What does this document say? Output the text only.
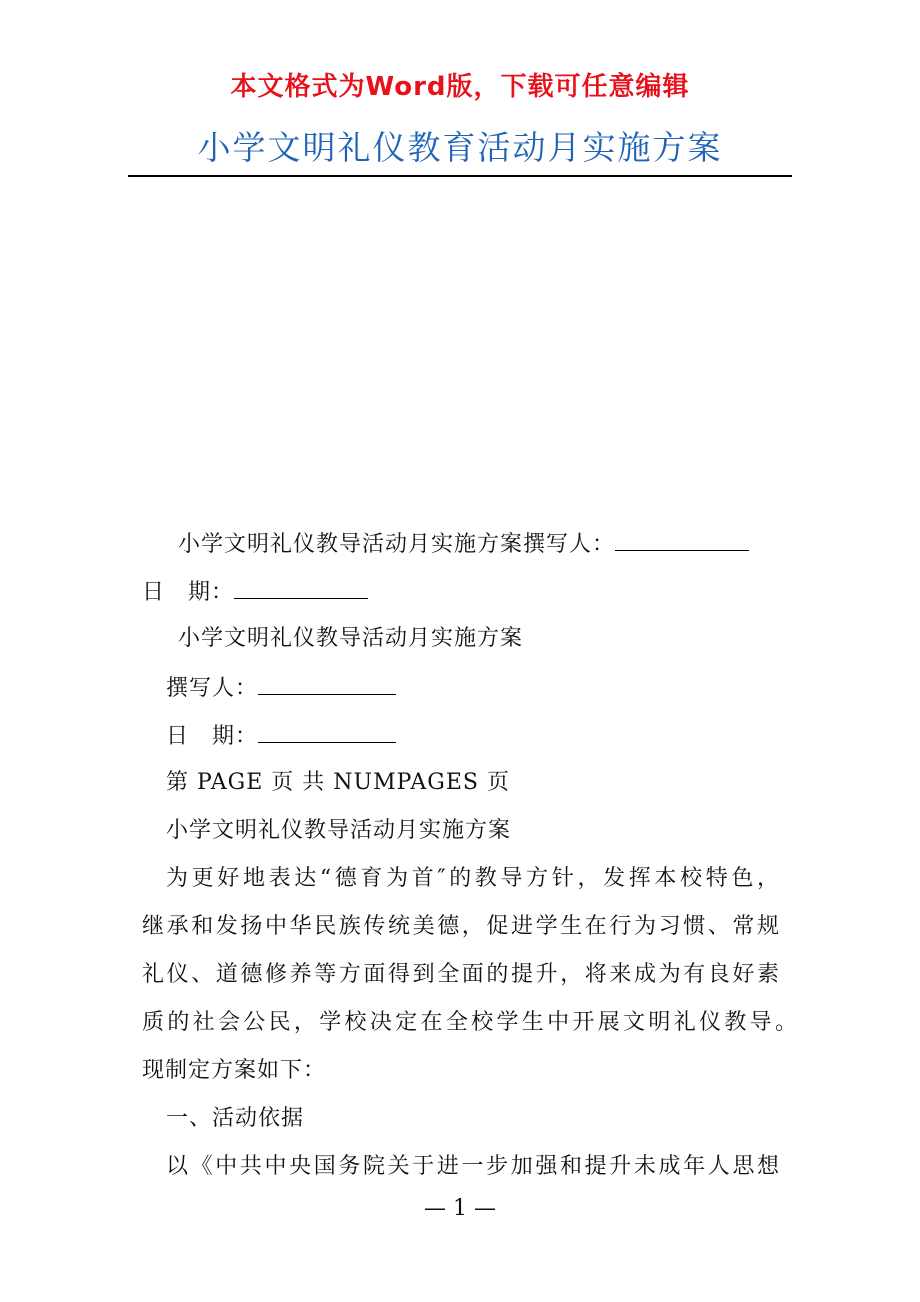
本文格式为Word版，下载可任意编辑
小学文明礼仪教育活动月实施方案
小学文明礼仪教导活动月实施方案撰写人：
日　期：
小学文明礼仪教导活动月实施方案
撰写人：
日　期：
第 PAGE 页 共 NUMPAGES 页
小学文明礼仪教导活动月实施方案
为更好地表达“德育为首″的教导方针，发挥本校特色，
继承和发扬中华民族传统美德，促进学生在行为习惯、常规
礼仪、道德修养等方面得到全面的提升，将来成为有良好素
质的社会公民，学校决定在全校学生中开展文明礼仪教导。
现制定方案如下：
一、活动依据
以《中共中央国务院关于进一步加强和提升未成年人思想
— 1 —
